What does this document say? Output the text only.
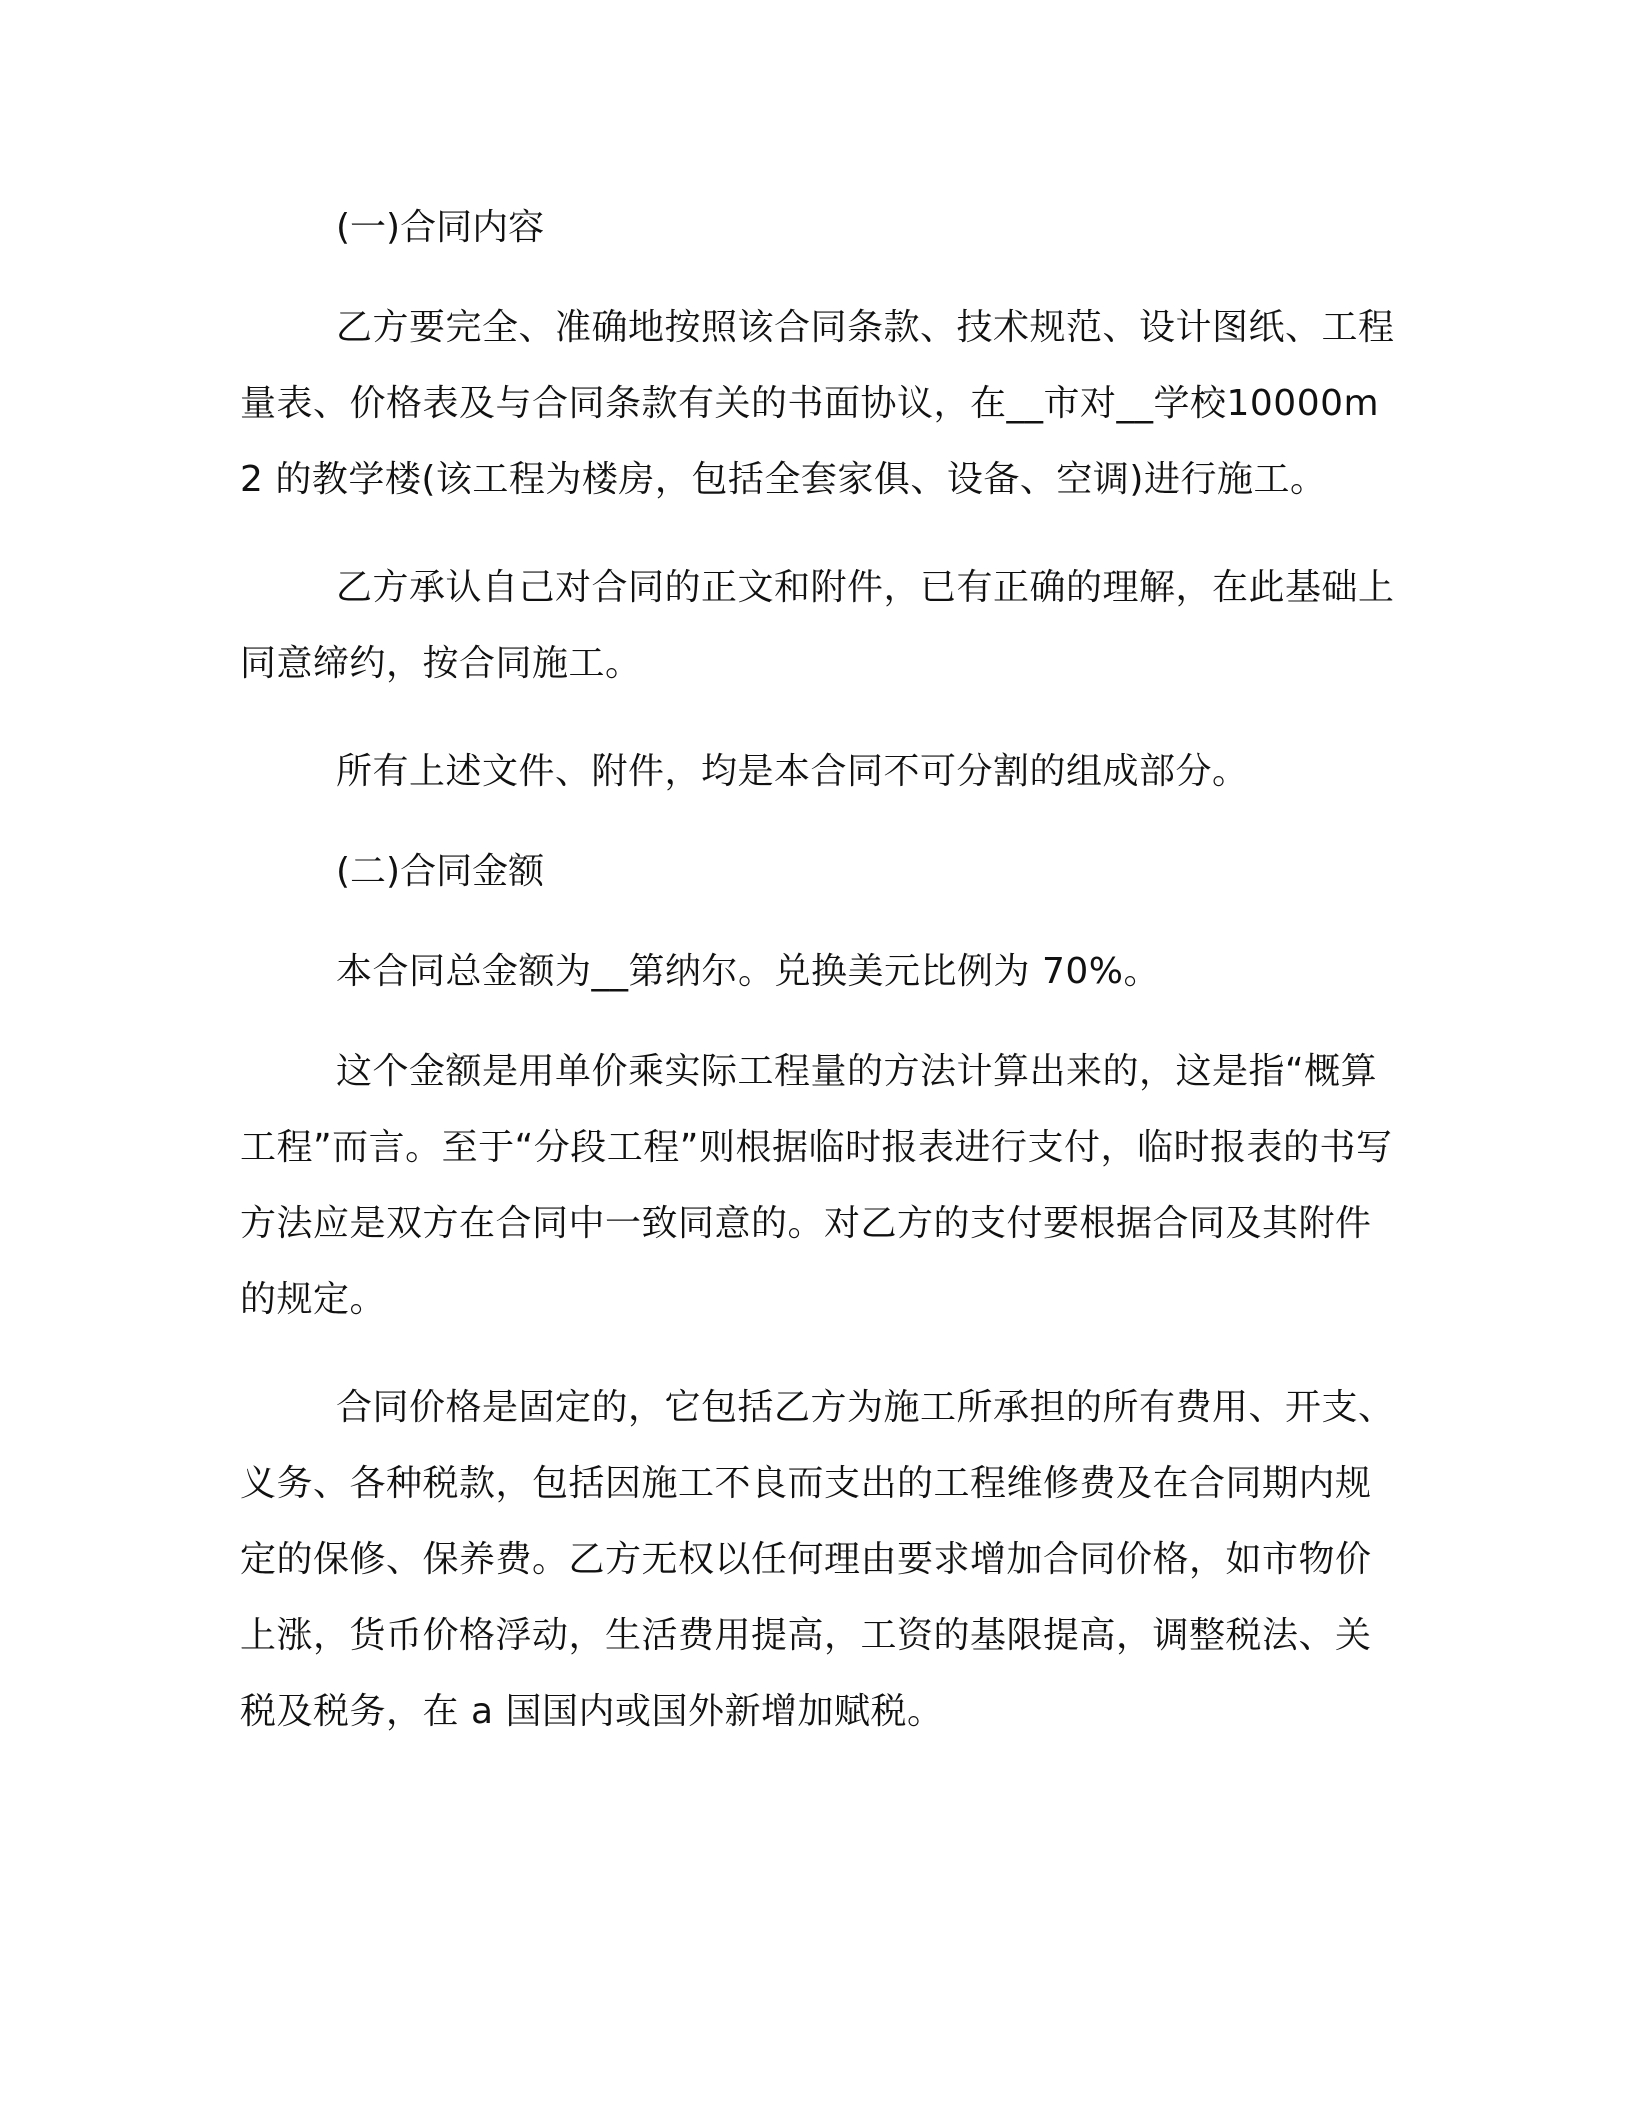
(一)合同内容

乙方要完全、准确地按照该合同条款、技术规范、设计图纸、工程量表、价格表及与合同条款有关的书面协议，在__市对__学校10000m2 的教学楼(该工程为楼房，包括全套家俱、设备、空调)进行施工。

乙方承认自己对合同的正文和附件，已有正确的理解，在此基础上同意缔约，按合同施工。

所有上述文件、附件，均是本合同不可分割的组成部分。

(二)合同金额

本合同总金额为__第纳尔。兑换美元比例为 70%。

这个金额是用单价乘实际工程量的方法计算出来的，这是指“概算工程”而言。至于“分段工程”则根据临时报表进行支付，临时报表的书写方法应是双方在合同中一致同意的。对乙方的支付要根据合同及其附件的规定。

合同价格是固定的，它包括乙方为施工所承担的所有费用、开支、义务、各种税款，包括因施工不良而支出的工程维修费及在合同期内规定的保修、保养费。乙方无权以任何理由要求增加合同价格，如市物价上涨，货币价格浮动，生活费用提高，工资的基限提高，调整税法、关税及税务，在 a 国国内或国外新增加赋税。
